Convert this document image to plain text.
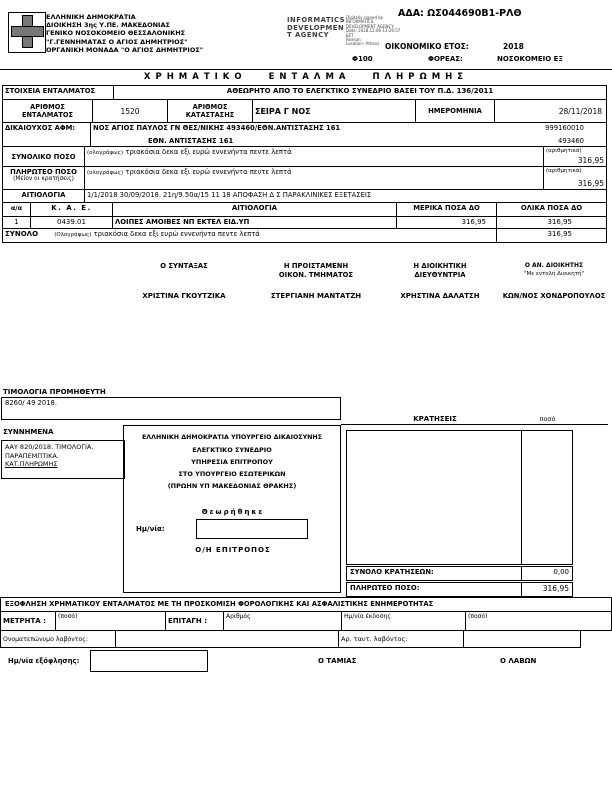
ΕΛΛΗΝΙΚΗ ΔΗΜΟΚΡΑΤΙΑ
ΔΙΟΙΚΗΣΗ 3ης Υ.ΠΕ. ΜΑΚΕΔΟΝΙΑΣ
ΓΕΝΙΚΟ ΝΟΣΟΚΟΜΕΙΟ ΘΕΣΣΑΛΟΝΙΚΗΣ
"Γ.ΓΕΝΝΗΜΑΤΑΣ Ο ΑΓΙΟΣ ΔΗΜΗΤΡΙΟΣ"
ΟΡΓΑΝΙΚΗ ΜΟΝΑΔΑ "Ο ΑΓΙΟΣ ΔΗΜΗΤΡΙΟΣ"
ΑΔΑ: ΩΣ044690Β1-ΡΛΘ
INFORMATICS
DEVELOPMEN
T AGENCY
Digitally signed by
INFORMATICS
DEVELOPMENT AGENCY
Date: 2018.12.06 13:26:57
EET
Reason:
Location: Athens ΟΙΚΟΝΟΜΙΚΟ ΕΤΟΣ:	2018
Φ100	ΦΟΡΕΑΣ:	ΝΟΣΟΚΟΜΕΙΟ ΕΞ
ΧΡΗΜΑΤΙΚΟ ΕΝΤΑΛΜΑ ΠΛΗΡΩΜΗΣ
ΣΤΟΙΧΕΙΑ ΕΝΤΑΛΜΑΤΟΣ	ΑΘΕΩΡΗΤΟ ΑΠΟ ΤΟ ΕΛΕΓΚΤΙΚΟ ΣΥΝΕΔΡΙΟ ΒΑΣΕΙ ΤΟΥ Π.Δ. 136/2011
ΑΡΙΘΜΟΣ ΕΝΤΑΛΜΑΤΟΣ	1520	ΑΡΙΘΜΟΣ ΚΑΤΑΣΤΑΣΗΣ	ΣΕΙΡΑ Γ ΝΟΣ	ΗΜΕΡΟΜΗΝΙΑ	28/11/2018
ΔΙΚΑΙΟΥΧΟΣ ΑΦΜ:	ΝΟΣ ΑΓΙΟΣ ΠΑΥΛΟΣ ΓΝ ΘΕΣ/ΝΙΚΗΣ 493460/ΕΘΝ.ΑΝΤΙΣΤΑΣΗΣ 161	999160010
ΕΘΝ. ΑΝΤΙΣΤΑΣΗΣ 161	493460
ΣΥΝΟΛΙΚΟ ΠΟΣΟ	(ολογράφως) τριακόσια δεκα εξι ευρώ εννενήντα πεντε λεπτά	(αριθμητικά)
316,95
ΠΛΗΡΩΤΕΟ ΠΟΣΟ
(Μείον οι κρατήσεις)
(ολογράφως) τριακόσια δεκα εξι ευρώ εννενήντα πεντε λεπτά	(αριθμητικά)
316,95
ΑΙΤΙΟΛΟΓΙΑ	1/1/2018 30/09/2018. 21η/9.50α/15 11 18 ΑΠΟΦΑΣΗ Δ Σ ΠΑΡΑΚΛΙΝΙΚΕΣ ΕΞΕΤΑΣΕΙΣ
α/α	Κ. Α. Ε.	ΑΙΤΙΟΛΟΓΙΑ	ΜΕΡΙΚΑ ΠΟΣΑ ΔΟ	ΟΛΙΚΑ ΠΟΣΑ ΔΟ
1	0439.01	ΛΟΙΠΕΣ ΑΜΟΙΒΕΣ ΝΠ ΕΚΤΕΛ ΕΙΔ.ΥΠ	316,95	316,95
ΣΥΝΟΛΟ	(Ολογράφως) τριακόσια δεκα εξι ευρώ εννενήντα πεντε λεπτά	316,95
Ο ΣΥΝΤΑΞΑΣ
ΧΡΙΣΤΙΝΑ ΓΚΟΥΤΖΙΚΑ
Η ΠΡΟΙΣΤΑΜΕΝΗ
ΟΙΚΟΝ. ΤΜΗΜΑΤΟΣ
ΣΤΕΡΓΙΑΝΗ ΜΑΝΤΑΤΖΗ
Η ΔΙΟΙΚΗΤΙΚΗ
ΔΙΕΥΘΥΝΤΡΙΑ
ΧΡΗΣΤΙΝΑ ΔΑΛΑΤΣΗ
Ο ΑΝ. ΔΙΟΙΚΗΤΗΣ
"Με εντολή Διοικητή"
ΚΩΝ/ΝΟΣ ΧΟΝΔΡΟΠΟΥΛΟΣ
ΤΙΜΟΛΟΓΙΑ ΠΡΟΜΗΘΕΥΤΗ
8260/ 49 2018.
ΣΥΝΝΗΜΕΝΑ
ΑΑΥ 820/2018. ΤΙΜΟΛΟΓΙΑ.
ΠΑΡΑΠΕΜΠΤΙΚΑ.
ΚΑΤ.ΠΛΗΡΩΜΗΣ
ΕΛΛΗΝΙΚΗ ΔΗΜΟΚΡΑΤΙΑ ΥΠΟΥΡΓΕΙΟ ΔΙΚΑΙΟΣΥΝΗΣ
ΕΛΕΓΚΤΙΚΟ ΣΥΝΕΔΡΙΟ
ΥΠΗΡΕΣΙΑ ΕΠΙΤΡΟΠΟΥ
ΣΤΟ ΥΠΟΥΡΓΕΙΟ ΕΣΩΤΕΡΙΚΩΝ
(ΠΡΩΗΝ ΥΠ ΜΑΚΕΔΟΝΙΑΣ ΘΡΑΚΗΣ)
Θεωρήθηκε
Ημ/νία:
Ο/Η ΕΠΙΤΡΟΠΟΣ
ΚΡΑΤΗΣΕΙΣ	ποσό
ΣΥΝΟΛΟ ΚΡΑΤΗΣΕΩΝ:	0,00
ΠΛΗΡΩΤΕΟ ΠΟΣΟ:	316,95
ΕΞΟΦΛΗΣΗ ΧΡΗΜΑΤΙΚΟΥ ΕΝΤΑΛΜΑΤΟΣ ΜΕ ΤΗ ΠΡΟΣΚΟΜΙΣΗ ΦΟΡΟΛΟΓΙΚΗΣ ΚΑΙ ΑΣΦΑΛΙΣΤΙΚΗΣ ΕΝΗΜΕΡΟΤΗΤΑΣ
ΜΕΤΡΗΤΑ :
(ποσό)
ΕΠΙΤΑΓΗ :
Αριθμός	Ημ/νία έκδοσης	(ποσό)
Ονοματεπώνυμο λαβόντος:	Αρ. ταυτ. λαβόντος:
Ημ/νία εξόφλησης:	Ο ΤΑΜΙΑΣ	Ο ΛΑΒΩΝ
